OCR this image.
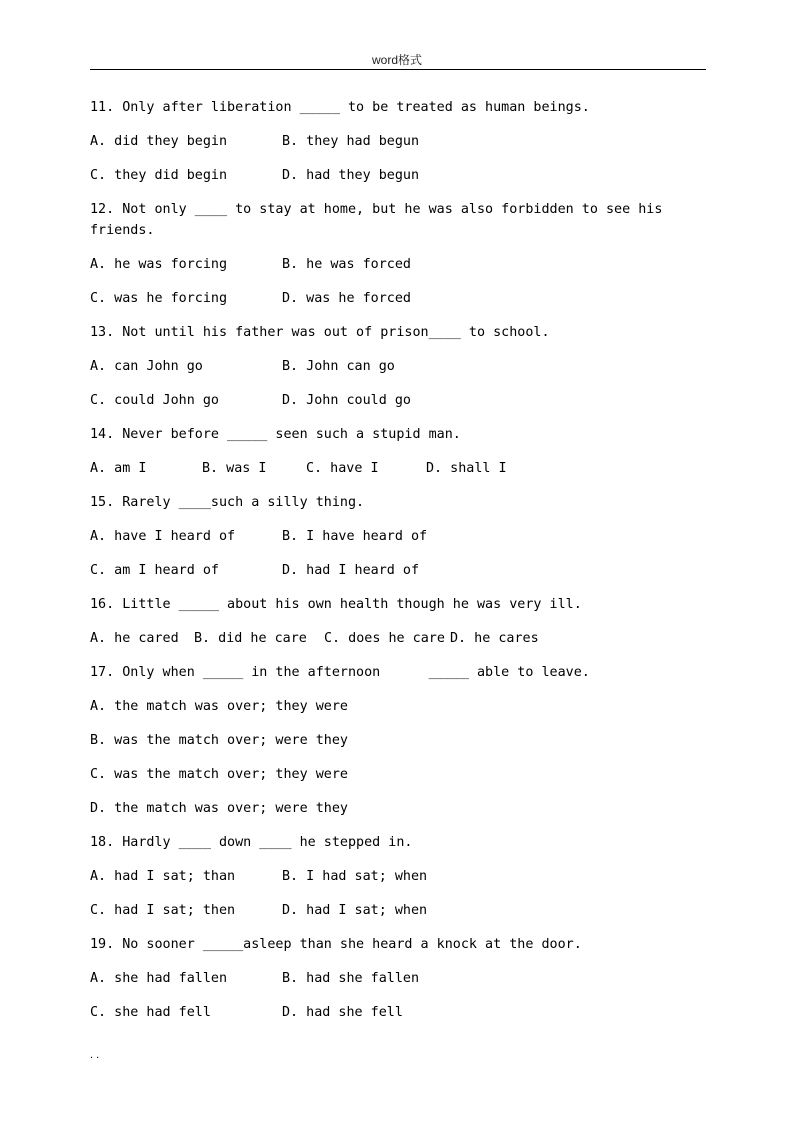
word格式
11. Only after liberation _____ to be treated as human beings.
A. did they begin	B. they had begun
C. they did begin	D. had they begun
12. Not only ____ to stay at home, but he was also forbidden to see his friends.
A. he was forcing	B. he was forced
C. was he forcing	D. was he forced
13. Not until his father was out of prison____ to school.
A. can John go	B. John can go
C. could John go	D. John could go
14. Never before _____ seen such a stupid man.
A. am I	B. was I	C. have I	D. shall I
15. Rarely ____such a silly thing.
A. have I heard of	B. I have heard of
C. am I heard of	D. had I heard of
16. Little _____ about his own health though he was very ill.
A. he cared B. did he care C. does he care D. he cares
17. Only when _____ in the afternoon      _____ able to leave.
A. the match was over; they were
B. was the match over; were they
C. was the match over; they were
D. the match was over; were they
18. Hardly ____ down ____ he stepped in.
A. had I sat; than	B. I had sat; when
C. had I sat; then	D. had I sat; when
19. No sooner _____asleep than she heard a knock at the door.
A. she had fallen	B. had she fallen
C. she had fell	D. had she fell
. .
